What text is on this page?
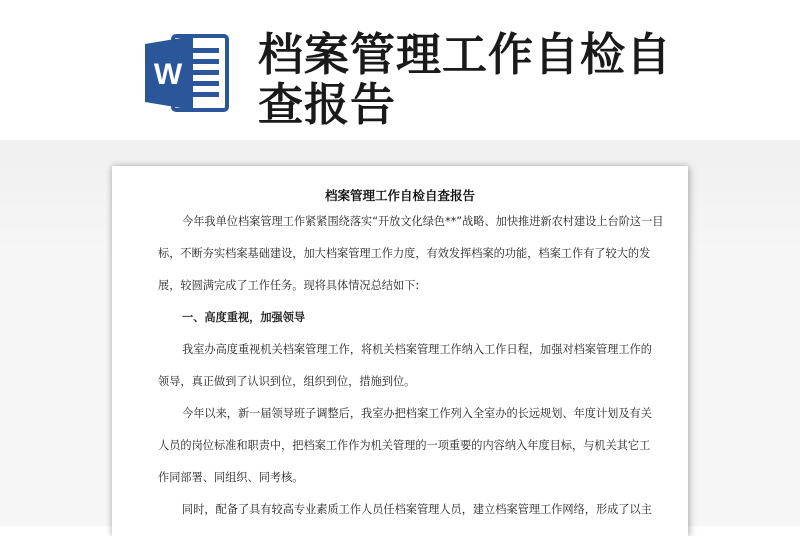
W 档案管理工作自检自查报告
档案管理工作自检自查报告
今年我单位档案管理工作紧紧围绕落实“开放文化绿色**”战略、加快推进新农村建设上台阶这一目
标，不断夯实档案基础建设，加大档案管理工作力度，有效发挥档案的功能，档案工作有了较大的发
展，较圆满完成了工作任务。现将具体情况总结如下:
一、高度重视，加强领导
我室办高度重视机关档案管理工作，将机关档案管理工作纳入工作日程，加强对档案管理工作的
领导，真正做到了认识到位，组织到位，措施到位。
今年以来，新一届领导班子调整后，我室办把档案工作列入全室办的长远规划、年度计划及有关
人员的岗位标准和职责中，把档案工作作为机关管理的一项重要的内容纳入年度目标，与机关其它工
作同部署、同组织、同考核。
同时，配备了具有较高专业素质工作人员任档案管理人员，建立档案管理工作网络，形成了以主
